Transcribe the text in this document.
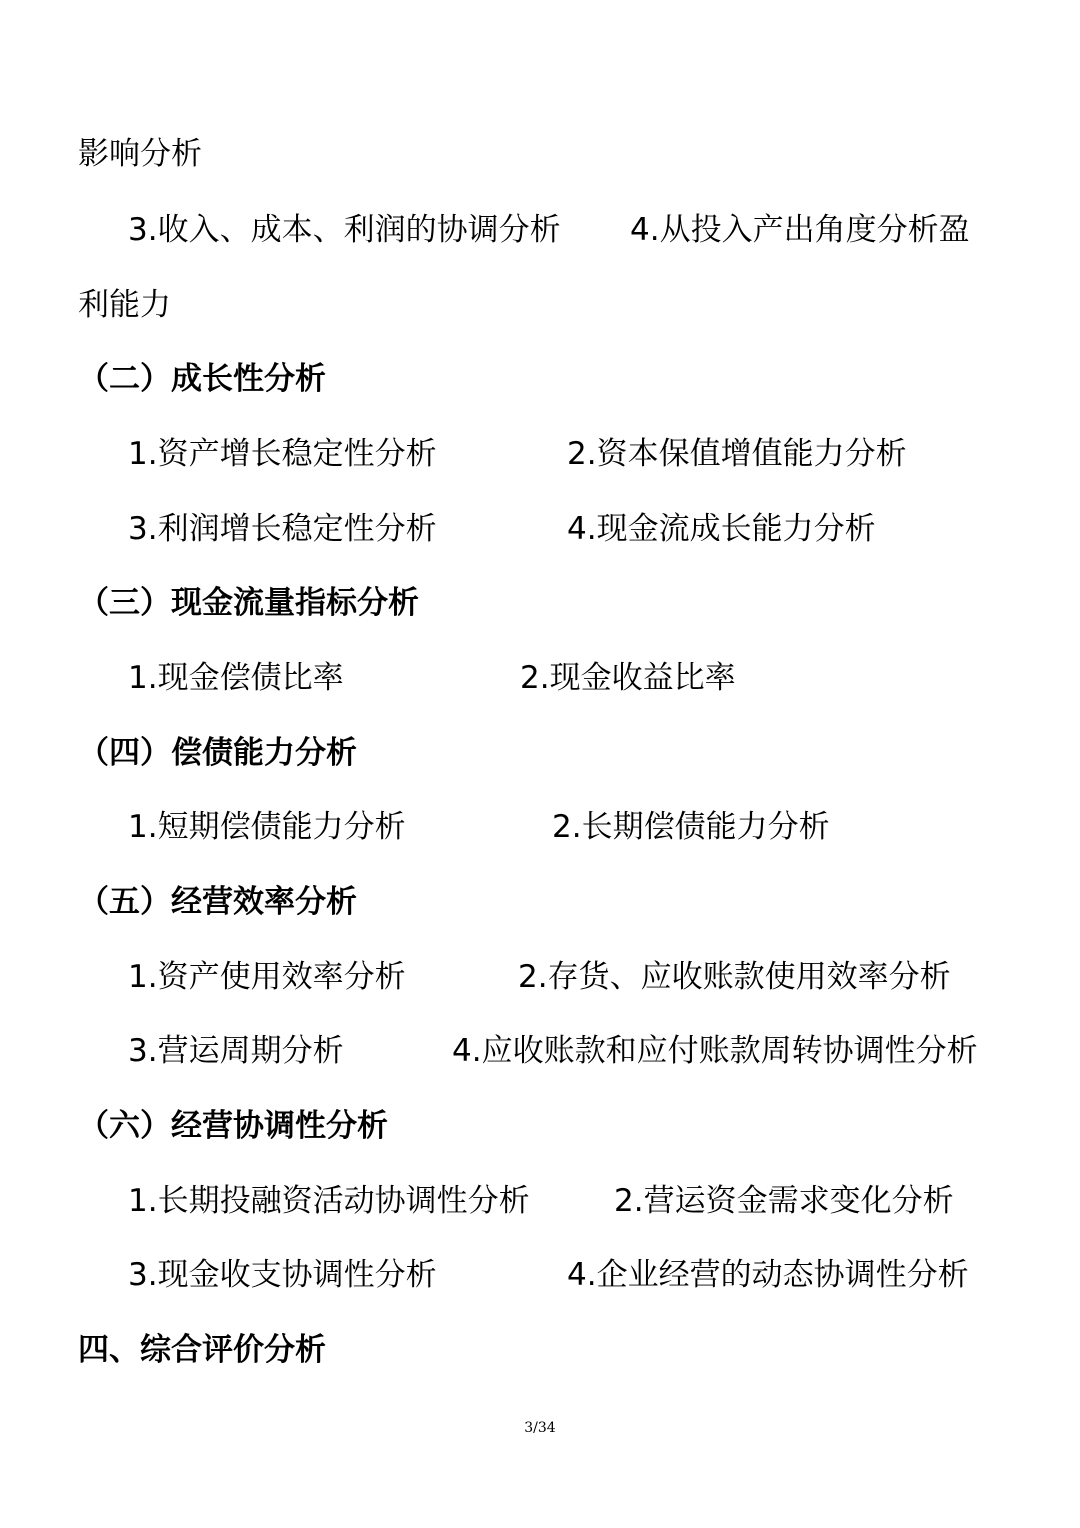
影响分析
3.收入、成本、利润的协调分析 4.从投入产出角度分析盈
利能力
（二）成长性分析
1.资产增长稳定性分析	2.资本保值增值能力分析
3.利润增长稳定性分析	4.现金流成长能力分析
（三）现金流量指标分析
1.现金偿债比率	2.现金收益比率
（四）偿债能力分析
1.短期偿债能力分析	2.长期偿债能力分析
（五）经营效率分析
1.资产使用效率分析	2.存货、应收账款使用效率分析
3.营运周期分析	4.应收账款和应付账款周转协调性分析
（六）经营协调性分析
1.长期投融资活动协调性分析	2.营运资金需求变化分析
3.现金收支协调性分析	4.企业经营的动态协调性分析
四、综合评价分析
3/34
